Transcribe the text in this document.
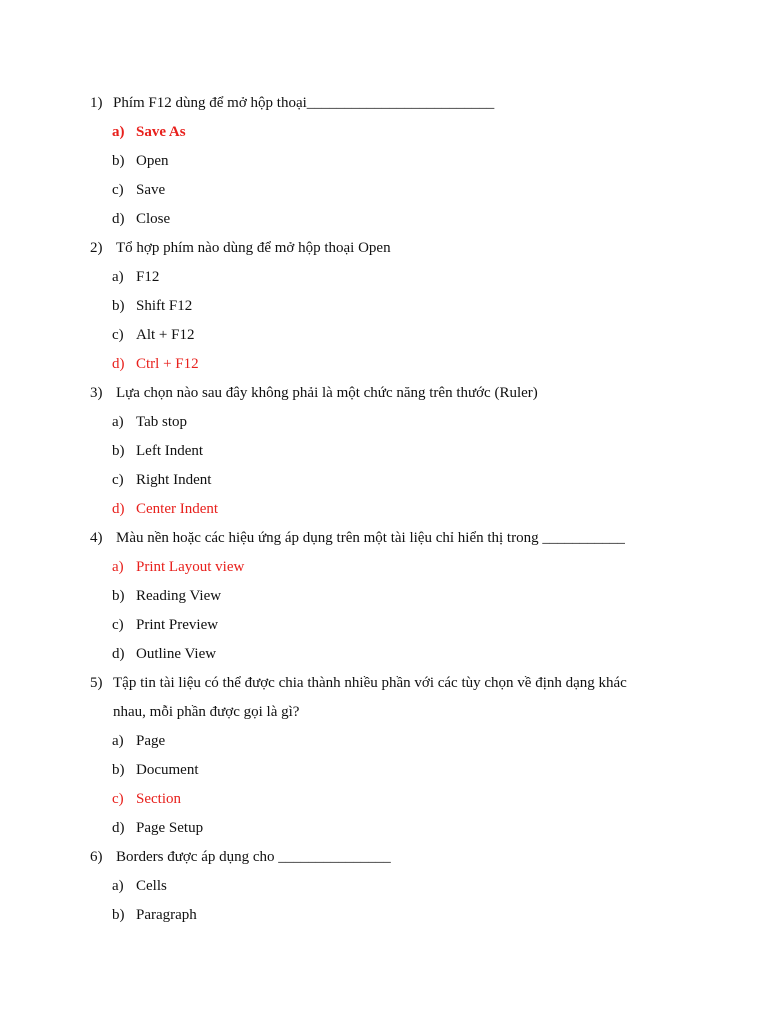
1) Phím F12 dùng để mở hộp thoại_________________________
a) Save As
b) Open
c) Save
d) Close
2) Tổ hợp phím nào dùng để mở hộp thoại Open
a) F12
b) Shift F12
c) Alt + F12
d) Ctrl + F12
3) Lựa chọn nào sau đây không phải là một chức năng trên thước (Ruler)
a) Tab stop
b) Left Indent
c) Right Indent
d) Center Indent
4) Màu nền hoặc các hiệu ứng áp dụng trên một tài liệu chỉ hiển thị trong ___________
a) Print Layout view
b) Reading View
c) Print Preview
d) Outline View
5) Tập tin tài liệu có thể được chia thành nhiều phần với các tùy chọn về định dạng khác
nhau, mỗi phần được gọi là gì?
a) Page
b) Document
c) Section
d) Page Setup
6) Borders được áp dụng cho _______________
a) Cells
b) Paragraph
